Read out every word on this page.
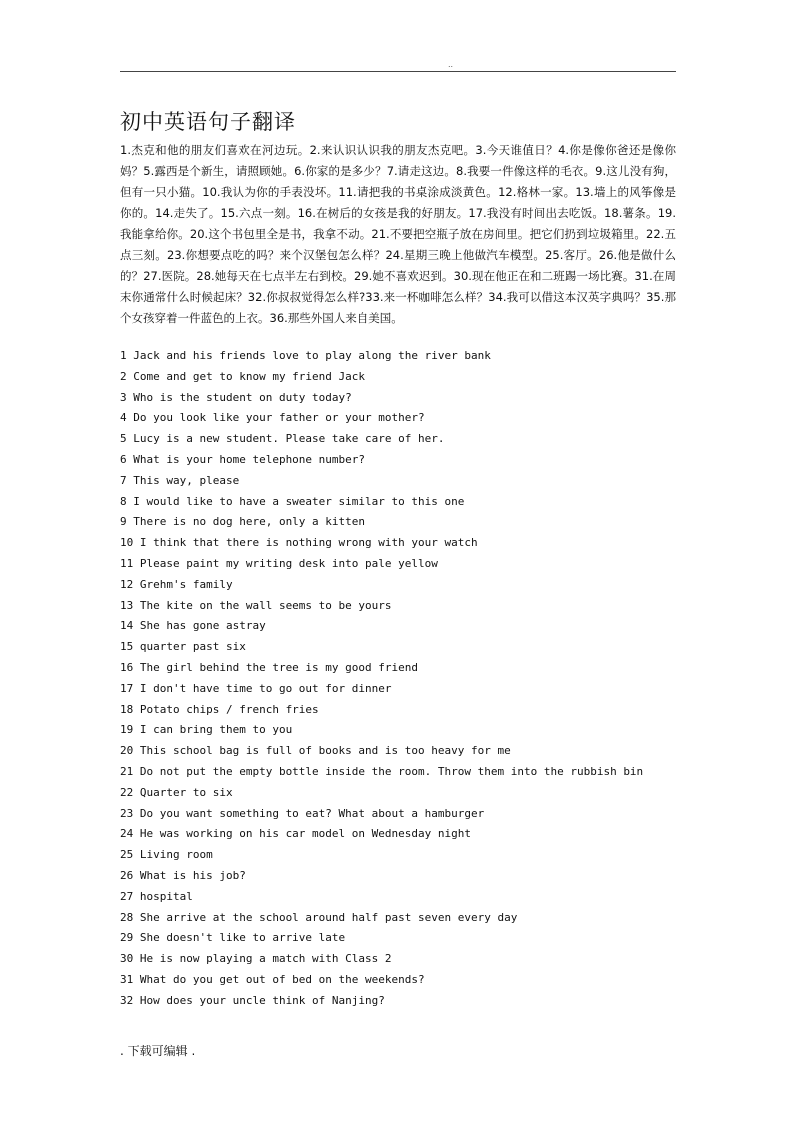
..
初中英语句子翻译

1.杰克和他的朋友们喜欢在河边玩。2.来认识认识我的朋友杰克吧。3.今天谁值日？4.你是像你爸还是像你妈？5.露西是个新生，请照顾她。6.你家的是多少？7.请走这边。8.我要一件像这样的毛衣。9.这儿没有狗，但有一只小猫。10.我认为你的手表没坏。11.请把我的书桌涂成淡黄色。12.格林一家。13.墙上的风筝像是你的。14.走失了。15.六点一刻。16.在树后的女孩是我的好朋友。17.我没有时间出去吃饭。18.薯条。19.我能拿给你。20.这个书包里全是书，我拿不动。21.不要把空瓶子放在房间里。把它们扔到垃圾箱里。22.五点三刻。23.你想要点吃的吗？来个汉堡包怎么样？24.星期三晚上他做汽车模型。25.客厅。26.他是做什么的？27.医院。28.她每天在七点半左右到校。29.她不喜欢迟到。30.现在他正在和二班踢一场比赛。31.在周末你通常什么时候起床？32.你叔叔觉得怎么样?33.来一杯咖啡怎么样？34.我可以借这本汉英字典吗？35.那个女孩穿着一件蓝色的上衣。36.那些外国人来自美国。

1 Jack and his friends love to play along the river bank
2 Come and get to know my friend Jack
3 Who is the student on duty today?
4 Do you look like your father or your mother?
5 Lucy is a new student. Please take care of her.
6 What is your home telephone number?
7 This way, please
8 I would like to have a sweater similar to this one
9 There is no dog here, only a kitten
10 I think that there is nothing wrong with your watch
11 Please paint my writing desk into pale yellow
12 Grehm's family
13 The kite on the wall seems to be yours
14 She has gone astray
15 quarter past six
16 The girl behind the tree is my good friend
17 I don't have time to go out for dinner
18 Potato chips / french fries
19 I can bring them to you
20 This school bag is full of books and is too heavy for me
21 Do not put the empty bottle inside the room. Throw them into the rubbish bin
22 Quarter to six
23 Do you want something to eat? What about a hamburger
24 He was working on his car model on Wednesday night
25 Living room
26 What is his job?
27 hospital
28 She arrive at the school around half past seven every day
29 She doesn't like to arrive late
30 He is now playing a match with Class 2
31 What do you get out of bed on the weekends?
32 How does your uncle think of Nanjing?
. 下载可编辑 .
